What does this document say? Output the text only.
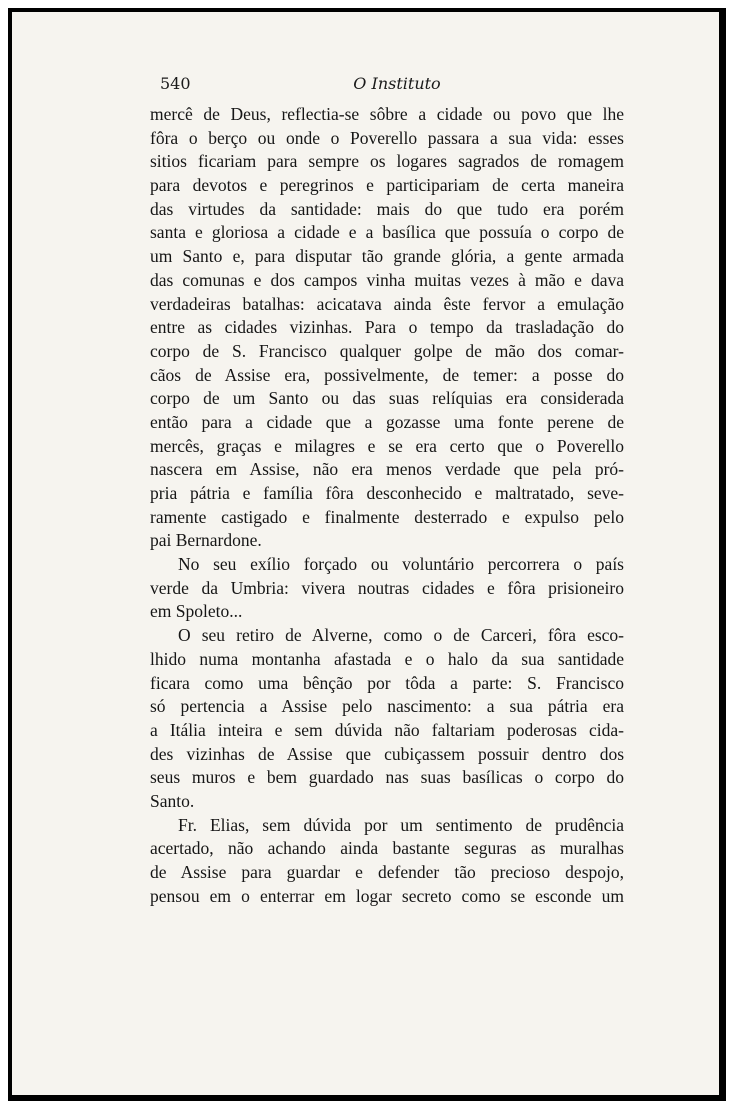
540	O Instituto
mercê de Deus, reflectia-se sôbre a cidade ou povo que lhe
fôra o berço ou onde o Poverello passara a sua vida: esses
sitios ficariam para sempre os logares sagrados de romagem
para devotos e peregrinos e participariam de certa maneira
das virtudes da santidade: mais do que tudo era porém
santa e gloriosa a cidade e a basílica que possuía o corpo de
um Santo e, para disputar tão grande glória, a gente armada
das comunas e dos campos vinha muitas vezes à mão e dava
verdadeiras batalhas: acicatava ainda êste fervor a emulação
entre as cidades vizinhas. Para o tempo da trasladação do
corpo de S. Francisco qualquer golpe de mão dos comar-
cãos de Assise era, possivelmente, de temer: a posse do
corpo de um Santo ou das suas relíquias era considerada
então para a cidade que a gozasse uma fonte perene de
mercês, graças e milagres e se era certo que o Poverello
nascera em Assise, não era menos verdade que pela pró-
pria pátria e família fôra desconhecido e maltratado, seve-
ramente castigado e finalmente desterrado e expulso pelo
pai Bernardone.
No seu exílio forçado ou voluntário percorrera o país
verde da Umbria: vivera noutras cidades e fôra prisioneiro
em Spoleto...
O seu retiro de Alverne, como o de Carceri, fôra esco-
lhido numa montanha afastada e o halo da sua santidade
ficara como uma bênção por tôda a parte: S. Francisco
só pertencia a Assise pelo nascimento: a sua pátria era
a Itália inteira e sem dúvida não faltariam poderosas cida-
des vizinhas de Assise que cubiçassem possuir dentro dos
seus muros e bem guardado nas suas basílicas o corpo do
Santo.
Fr. Elias, sem dúvida por um sentimento de prudência
acertado, não achando ainda bastante seguras as muralhas
de Assise para guardar e defender tão precioso despojo,
pensou em o enterrar em logar secreto como se esconde um
